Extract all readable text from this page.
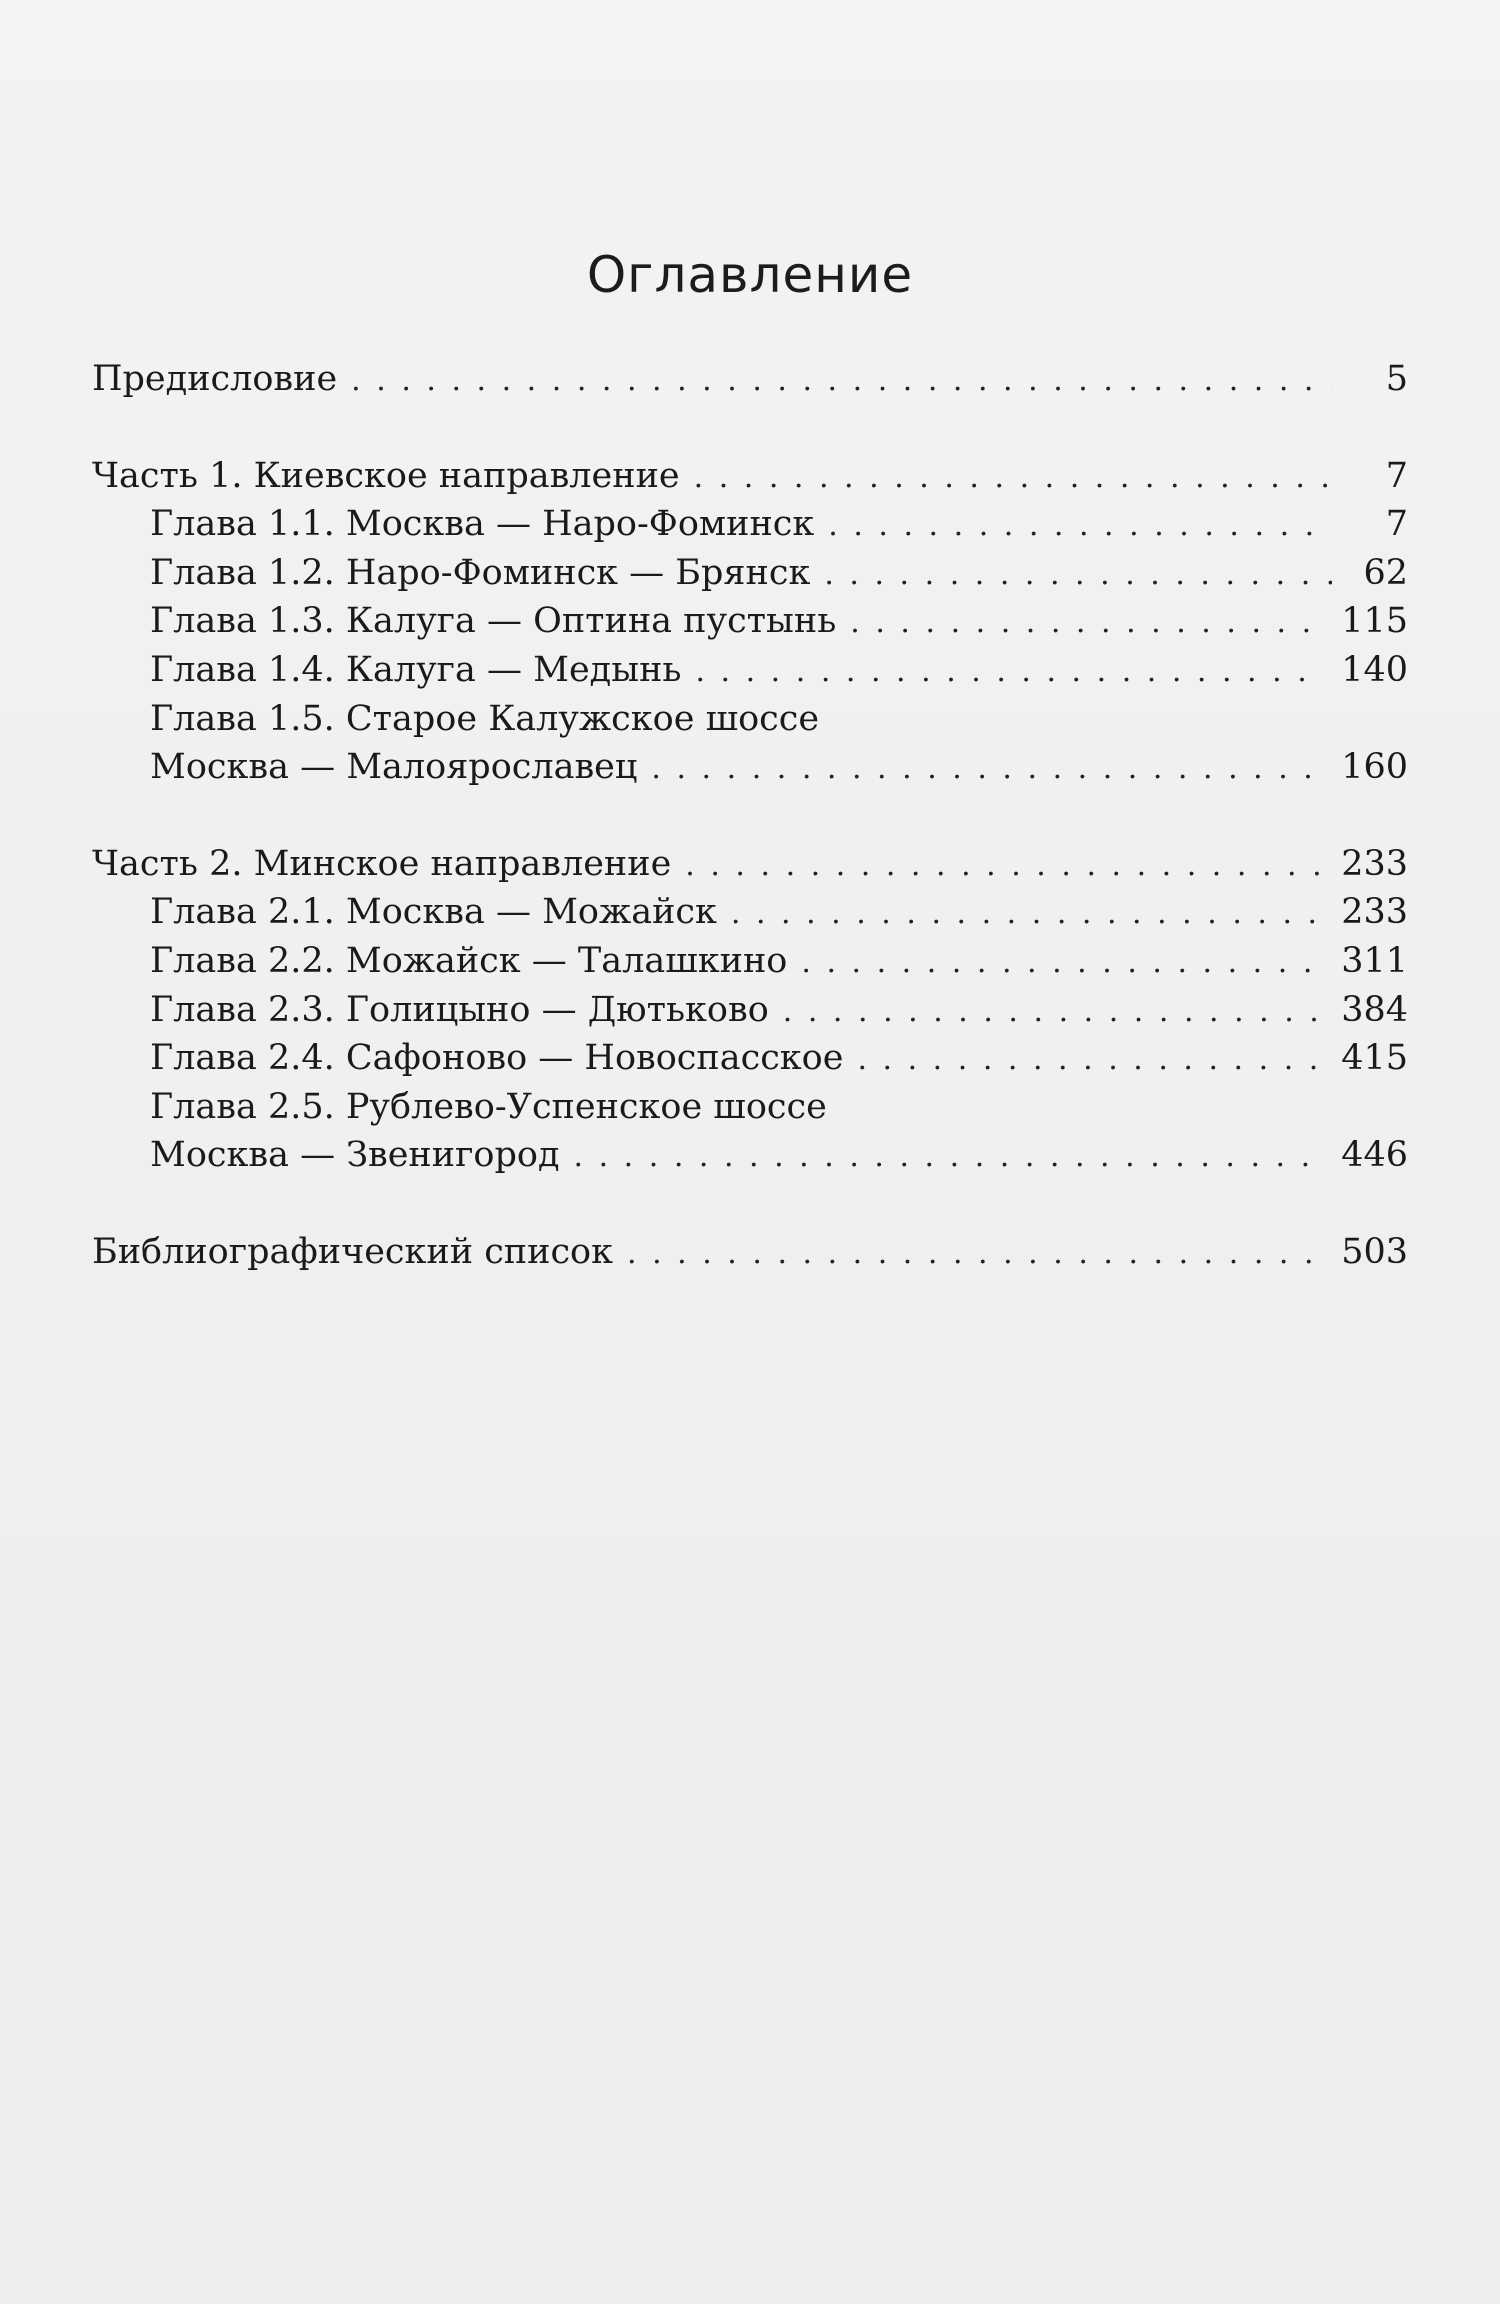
Оглавление
Предисловие . . .	5
Часть 1. Киевское направление . . .	7
Глава 1.1. Москва — Наро-Фоминск . . .	7
Глава 1.2. Наро-Фоминск — Брянск . . .	62
Глава 1.3. Калуга — Оптина пустынь . . .	115
Глава 1.4. Калуга — Медынь . . .	140
Глава 1.5. Старое Калужское шоссе
Москва — Малоярославец . . .	160
Часть 2. Минское направление . . .	233
Глава 2.1. Москва — Можайск . . .	233
Глава 2.2. Можайск — Талашкино . . .	311
Глава 2.3. Голицыно — Дютьково . . .	384
Глава 2.4. Сафоново — Новоспасское . . .	415
Глава 2.5. Рублево-Успенское шоссе
Москва — Звенигород . . .	446
Библиографический список . . .	503
